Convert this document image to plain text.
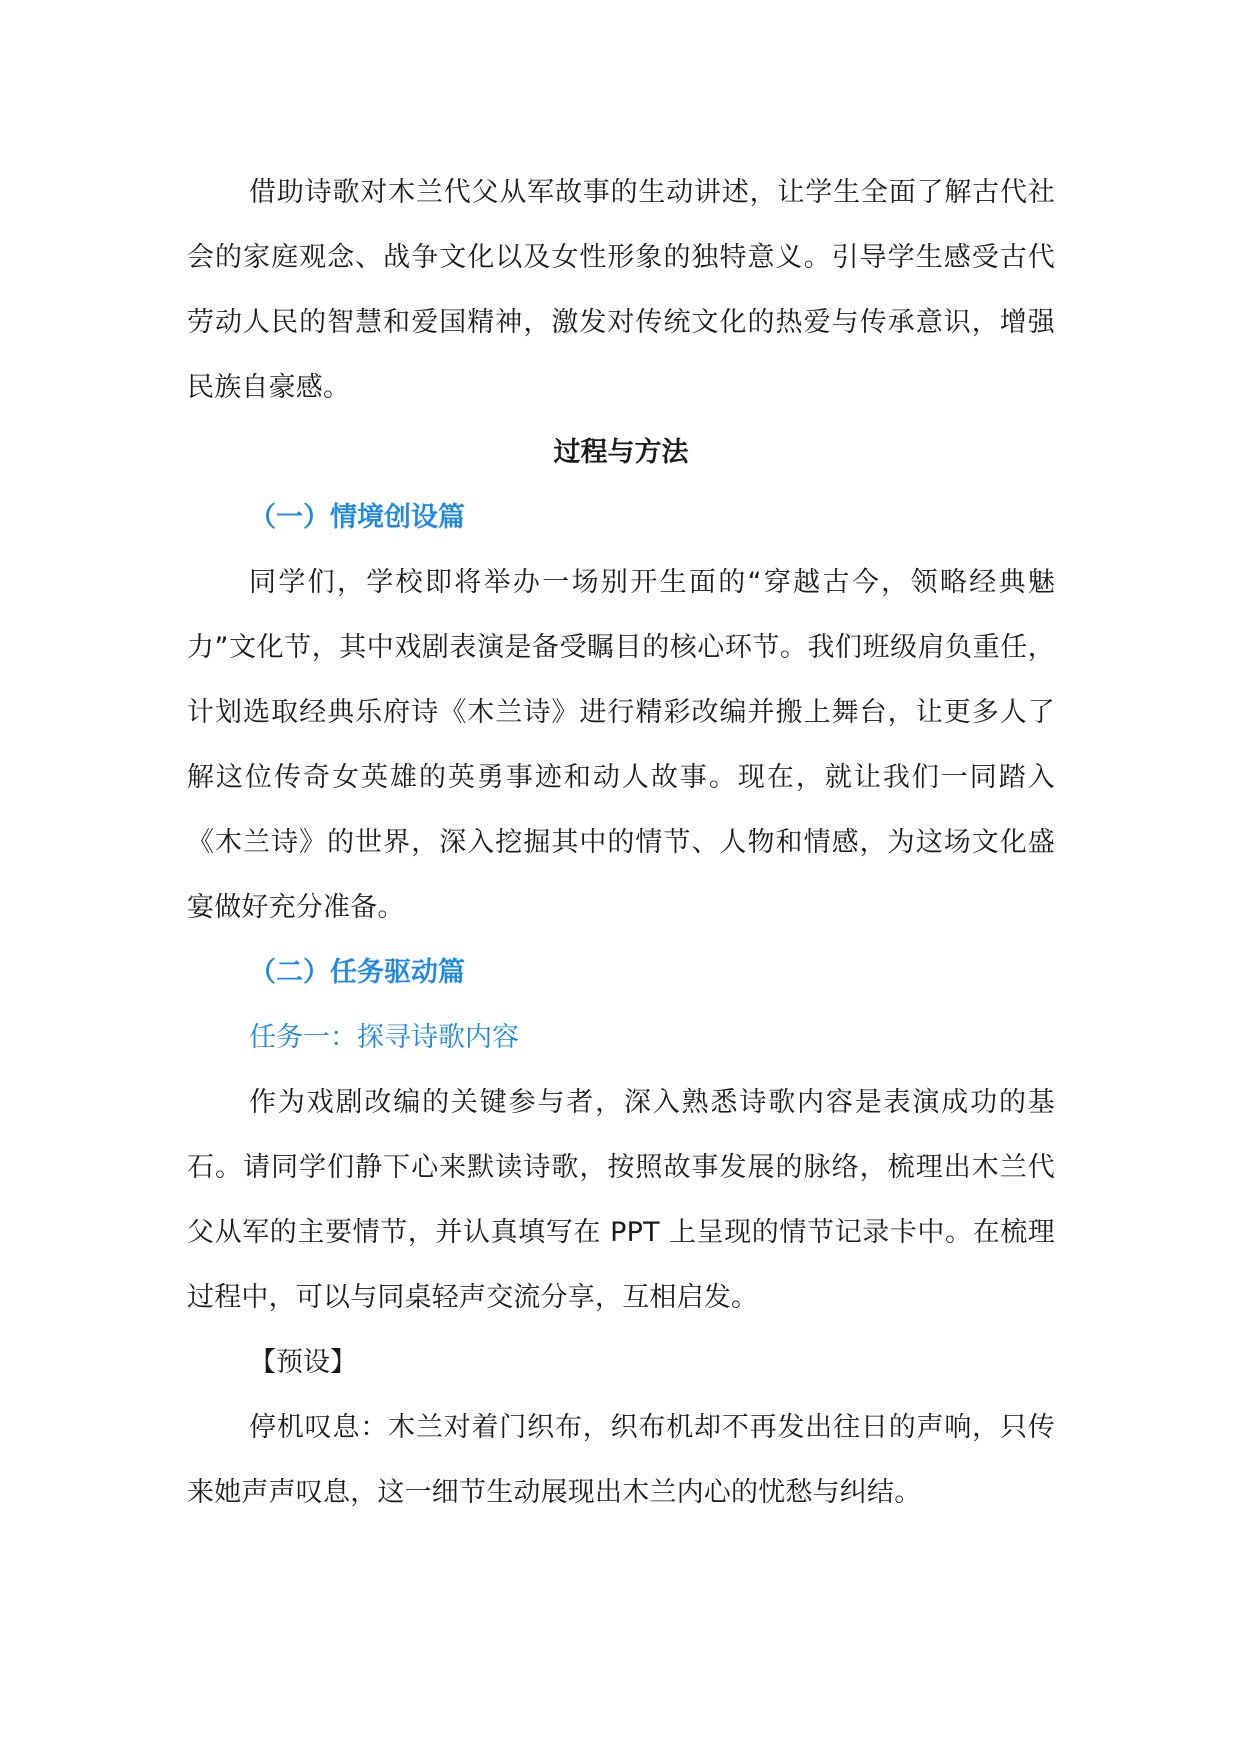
借助诗歌对木兰代父从军故事的生动讲述，让学生全面了解古代社会的家庭观念、战争文化以及女性形象的独特意义。引导学生感受古代劳动人民的智慧和爱国精神，激发对传统文化的热爱与传承意识，增强民族自豪感。

过程与方法

（一）情境创设篇

同学们，学校即将举办一场别开生面的“穿越古今，领略经典魅力”文化节，其中戏剧表演是备受瞩目的核心环节。我们班级肩负重任，计划选取经典乐府诗《木兰诗》进行精彩改编并搬上舞台，让更多人了解这位传奇女英雄的英勇事迹和动人故事。现在，就让我们一同踏入《木兰诗》的世界，深入挖掘其中的情节、人物和情感，为这场文化盛宴做好充分准备。

（二）任务驱动篇

任务一：探寻诗歌内容

作为戏剧改编的关键参与者，深入熟悉诗歌内容是表演成功的基石。请同学们静下心来默读诗歌，按照故事发展的脉络，梳理出木兰代父从军的主要情节，并认真填写在 PPT 上呈现的情节记录卡中。在梳理过程中，可以与同桌轻声交流分享，互相启发。

【预设】

停机叹息：木兰对着门织布，织布机却不再发出往日的声响，只传来她声声叹息，这一细节生动展现出木兰内心的忧愁与纠结。
